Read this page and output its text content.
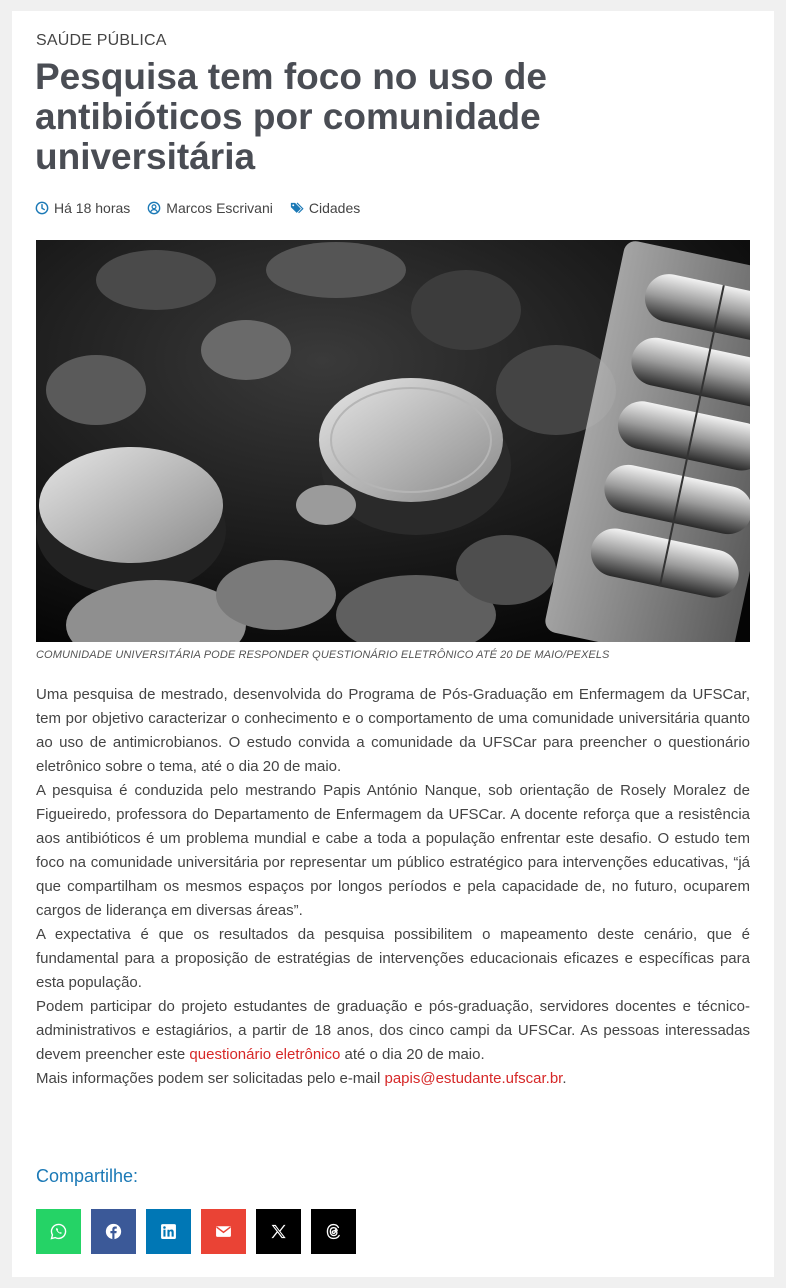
SAÚDE PÚBLICA
Pesquisa tem foco no uso de antibióticos por comunidade universitária
Há 18 horas	Marcos Escrivani	Cidades
COMUNIDADE UNIVERSITÁRIA PODE RESPONDER QUESTIONÁRIO ELETRÔNICO ATÉ 20 DE MAIO/PEXELS

Uma pesquisa de mestrado, desenvolvida do Programa de Pós-Graduação em Enfermagem da UFSCar, tem por objetivo caracterizar o conhecimento e o comportamento de uma comunidade universitária quanto ao uso de antimicrobianos. O estudo convida a comunidade da UFSCar para preencher o questionário eletrônico sobre o tema, até o dia 20 de maio.

A pesquisa é conduzida pelo mestrando Papis António Nanque, sob orientação de Rosely Moralez de Figueiredo, professora do Departamento de Enfermagem da UFSCar. A docente reforça que a resistência aos antibióticos é um problema mundial e cabe a toda a população enfrentar este desafio. O estudo tem foco na comunidade universitária por representar um público estratégico para intervenções educativas, “já que compartilham os mesmos espaços por longos períodos e pela capacidade de, no futuro, ocuparem cargos de liderança em diversas áreas”.

A expectativa é que os resultados da pesquisa possibilitem o mapeamento deste cenário, que é fundamental para a proposição de estratégias de intervenções educacionais eficazes e específicas para esta população.

Podem participar do projeto estudantes de graduação e pós-graduação, servidores docentes e técnico-administrativos e estagiários, a partir de 18 anos, dos cinco campi da UFSCar. As pessoas interessadas devem preencher este questionário eletrônico até o dia 20 de maio.

Mais informações podem ser solicitadas pelo e-mail papis@estudante.ufscar.br.

Compartilhe:
